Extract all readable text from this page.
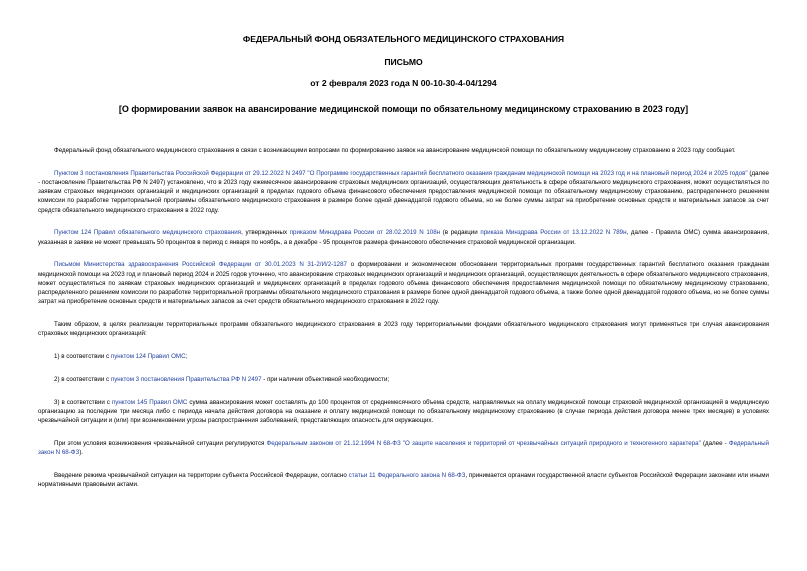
ФЕДЕРАЛЬНЫЙ ФОНД ОБЯЗАТЕЛЬНОГО МЕДИЦИНСКОГО СТРАХОВАНИЯ
ПИСЬМО
от 2 февраля 2023 года N 00-10-30-4-04/1294
[О формировании заявок на авансирование медицинской помощи по обязательному медицинскому страхованию в 2023 году]

Федеральный фонд обязательного медицинского страхования в связи с возникающими вопросами по формированию заявок на авансирование медицинской помощи по обязательному медицинскому страхованию в 2023 году сообщает.

Пунктом 3 постановления Правительства Российской Федерации от 29.12.2022 N 2497 "О Программе государственных гарантий бесплатного оказания гражданам медицинской помощи на 2023 год и на плановый период 2024 и 2025 годов" (далее - постановление Правительства РФ N 2497) установлено, что в 2023 году ежемесячное авансирование страховых медицинских организаций, осуществляющих деятельность в сфере обязательного медицинского страхования, может осуществляться по заявкам страховых медицинских организаций и медицинских организаций в пределах годового объема финансового обеспечения предоставления медицинской помощи по обязательному медицинскому страхованию, распределенного решением комиссии по разработке территориальной программы обязательного медицинского страхования в размере более одной двенадцатой годового объема, но не более суммы затрат на приобретение основных средств и материальных запасов за счет средств обязательного медицинского страхования в 2022 году.

Пунктом 124 Правил обязательного медицинского страхования, утвержденных приказом Минздрава России от 28.02.2019 N 108н (в редакции приказа Минздрава России от 13.12.2022 N 789н, далее - Правила ОМС) сумма авансирования, указанная в заявке не может превышать 50 процентов в период с января по ноябрь, а в декабре - 95 процентов размера финансового обеспечения страховой медицинской организации.

Письмом Министерства здравоохранения Российской Федерации от 30.01.2023 N 31-2/И/2-1287 о формировании и экономическом обосновании территориальных программ государственных гарантий бесплатного оказания гражданам медицинской помощи на 2023 год и плановый период 2024 и 2025 годов уточнено, что авансирование страховых медицинских организаций и медицинских организаций, осуществляющих деятельность в сфере обязательного медицинского страхования, может осуществляться по заявкам страховых медицинских организаций и медицинских организаций в пределах годового объема финансового обеспечения предоставления медицинской помощи по обязательному медицинскому страхованию, распределенного решением комиссии по разработке территориальной программы обязательного медицинского страхования в размере более одной двенадцатой годового объема, а также более одной двенадцатой годового объема, но не более суммы затрат на приобретение основных средств и материальных запасов за счет средств обязательного медицинского страхования в 2022 году.

Таким образом, в целях реализации территориальных программ обязательного медицинского страхования в 2023 году территориальными фондами обязательного медицинского страхования могут применяться три случая авансирования страховых медицинских организаций:

1) в соответствии с пунктом 124 Правил ОМС;

2) в соответствии с пунктом 3 постановления Правительства РФ N 2497 - при наличии объективной необходимости;

3) в соответствии с пунктом 145 Правил ОМС сумма авансирования может составлять до 100 процентов от среднемесячного объема средств, направляемых на оплату медицинской помощи страховой медицинской организацией в медицинскую организацию за последние три месяца либо с периода начала действия договора на оказание и оплату медицинской помощи по обязательному медицинскому страхованию (в случае периода действия договора менее трех месяцев) в условиях чрезвычайной ситуации и (или) при возникновении угрозы распространения заболеваний, представляющих опасность для окружающих.

При этом условия возникновения чрезвычайной ситуации регулируются Федеральным законом от 21.12.1994 N 68-ФЗ "О защите населения и территорий от чрезвычайных ситуаций природного и техногенного характера" (далее - Федеральный закон N 68-ФЗ).

Введение режима чрезвычайной ситуации на территории субъекта Российской Федерации, согласно статьи 11 Федерального закона N 68-ФЗ, принимается органами государственной власти субъектов Российской Федерации законами или иными нормативными правовыми актами.
